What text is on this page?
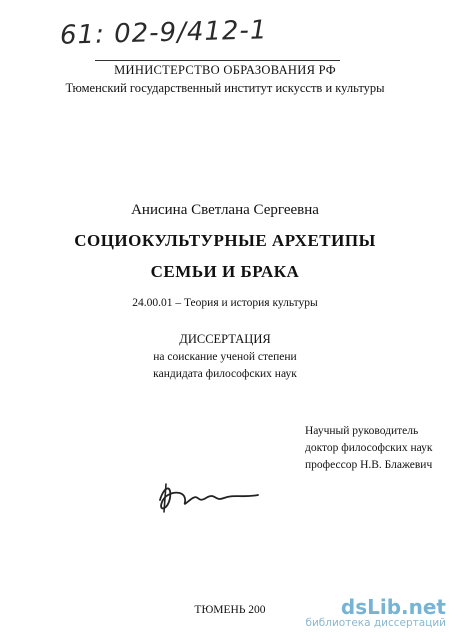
61: 02-9/412-1
МИНИСТЕРСТВО ОБРАЗОВАНИЯ РФ
Тюменский государственный институт искусств и культуры
Анисина Светлана Сергеевна
СОЦИОКУЛЬТУРНЫЕ АРХЕТИПЫ
СЕМЬИ И БРАКА
24.00.01 – Теория и история культуры
ДИССЕРТАЦИЯ
на соискание ученой степени
кандидата философских наук
Научный руководитель
доктор философских наук
профессор Н.В. Блажевич
ТЮМЕНЬ 200	dsLib.net
библиотека диссертаций
